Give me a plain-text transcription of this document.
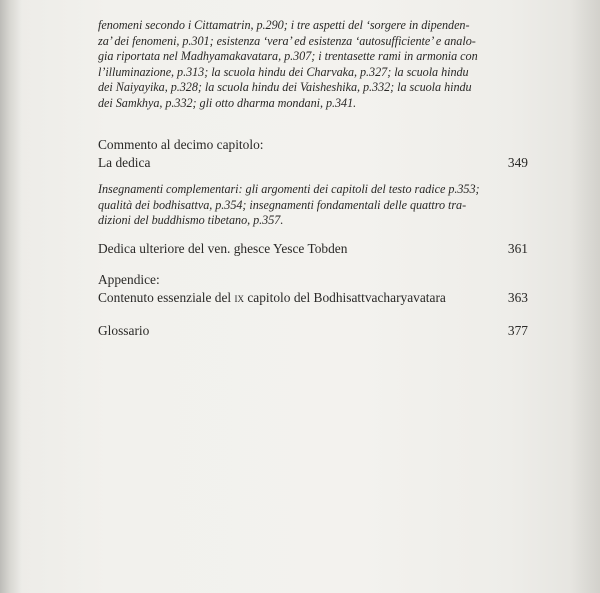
fenomeni secondo i Cittamatrin, p.290; i tre aspetti del ‘sorgere in dipenden-
za’ dei fenomeni, p.301; esistenza ‘vera’ ed esistenza ‘autosufficiente’ e analo-
gia riportata nel Madhyamakavatara, p.307; i trentasette rami in armonia con
l’illuminazione, p.313; la scuola hindu dei Charvaka, p.327; la scuola hindu
dei Naiyayika, p.328; la scuola hindu dei Vaisheshika, p.332; la scuola hindu
dei Samkhya, p.332; gli otto dharma mondani, p.341.

Commento al decimo capitolo:
La dedica	349

Insegnamenti complementari: gli argomenti dei capitoli del testo radice p.353;
qualità dei bodhisattva, p.354; insegnamenti fondamentali delle quattro tra-
dizioni del buddhismo tibetano, p.357.

Dedica ulteriore del ven. ghesce Yesce Tobden	361
Appendice:
Contenuto essenziale del ix capitolo del Bodhisattvacharyavatara	363
Glossario	377
